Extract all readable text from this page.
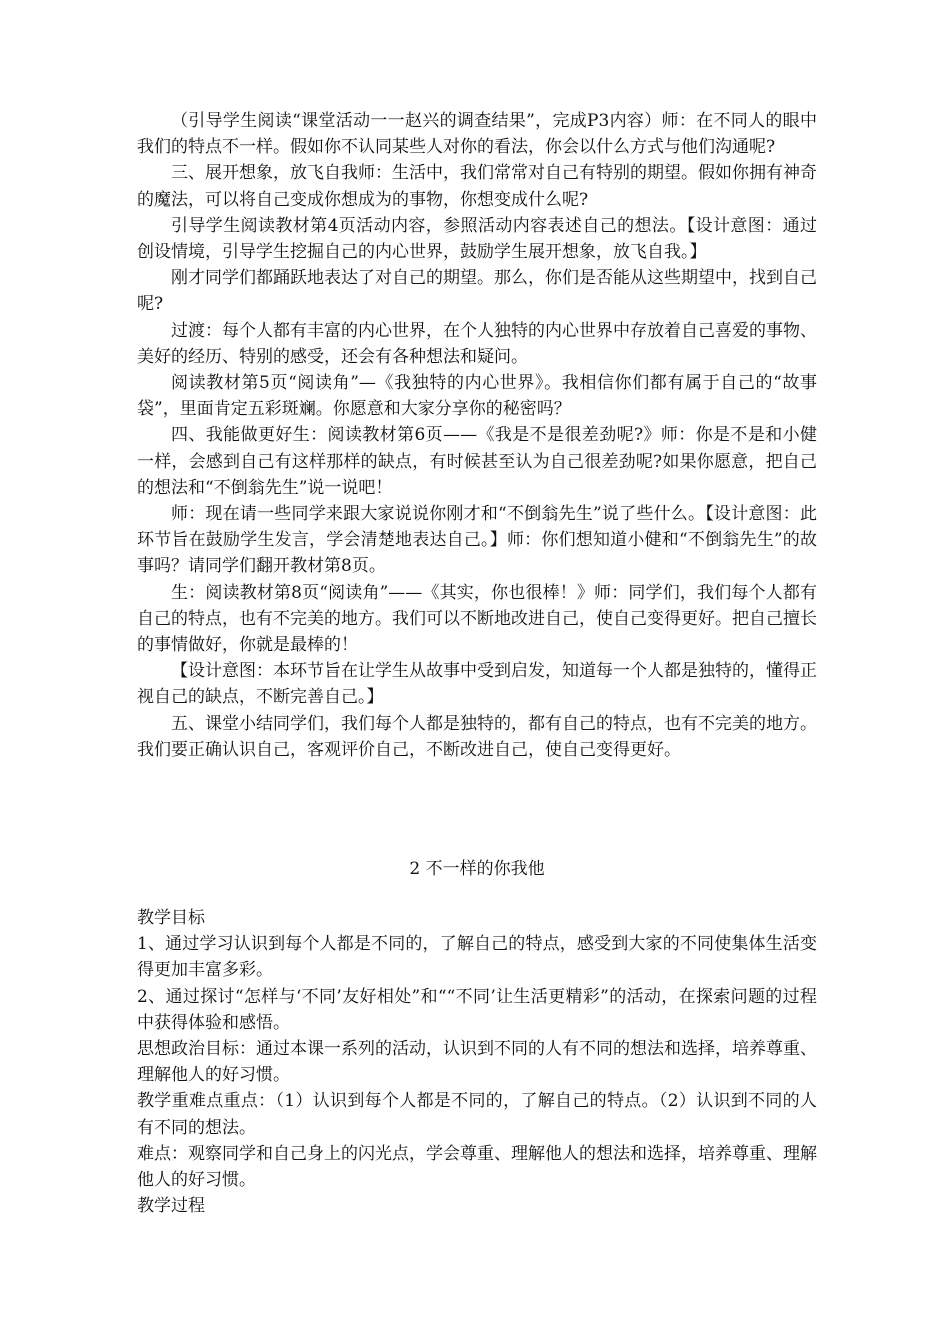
（引导学生阅读“课堂活动一一赵兴的调查结果”，完成P3内容）师：在不同人的眼中我们的特点不一样。假如你不认同某些人对你的看法，你会以什么方式与他们沟通呢?

三、展开想象，放飞自我师：生活中，我们常常对自己有特别的期望。假如你拥有神奇的魔法，可以将自己变成你想成为的事物，你想变成什么呢?

引导学生阅读教材第4页活动内容，参照活动内容表述自己的想法。【设计意图：通过创设情境，引导学生挖掘自己的内心世界，鼓励学生展开想象，放飞自我。】

刚才同学们都踊跃地表达了对自己的期望。那么，你们是否能从这些期望中，找到自己呢?

过渡：每个人都有丰富的内心世界，在个人独特的内心世界中存放着自己喜爱的事物、美好的经历、特别的感受，还会有各种想法和疑问。

阅读教材第5页“阅读角”—《我独特的内心世界》。我相信你们都有属于自己的“故事袋”，里面肯定五彩斑斓。你愿意和大家分享你的秘密吗？

四、我能做更好生：阅读教材第6页——《我是不是很差劲呢?》师：你是不是和小健一样，会感到自己有这样那样的缺点，有时候甚至认为自己很差劲呢?如果你愿意，把自己的想法和“不倒翁先生”说一说吧！

师：现在请一些同学来跟大家说说你刚才和“不倒翁先生”说了些什么。【设计意图：此环节旨在鼓励学生发言，学会清楚地表达自己。】师：你们想知道小健和“不倒翁先生”的故事吗？请同学们翻开教材第8页。

生：阅读教材第8页“阅读角”——《其实，你也很棒！》师：同学们，我们每个人都有自己的特点，也有不完美的地方。我们可以不断地改进自己，使自己变得更好。把自己擅长的事情做好，你就是最棒的！

【设计意图：本环节旨在让学生从故事中受到启发，知道每一个人都是独特的，懂得正视自己的缺点，不断完善自己。】

五、课堂小结同学们，我们每个人都是独特的，都有自己的特点，也有不完美的地方。我们要正确认识自己，客观评价自己，不断改进自己，使自己变得更好。

2 不一样的你我他

教学目标

1、通过学习认识到每个人都是不同的，了解自己的特点，感受到大家的不同使集体生活变得更加丰富多彩。

2、通过探讨“怎样与‘不同’友好相处”和““不同’让生活更精彩”的活动，在探索问题的过程中获得体验和感悟。

思想政治目标：通过本课一系列的活动，认识到不同的人有不同的想法和选择，培养尊重、理解他人的好习惯。

教学重难点重点：（1）认识到每个人都是不同的，了解自己的特点。（2）认识到不同的人有不同的想法。

难点：观察同学和自己身上的闪光点，学会尊重、理解他人的想法和选择，培养尊重、理解他人的好习惯。

教学过程
